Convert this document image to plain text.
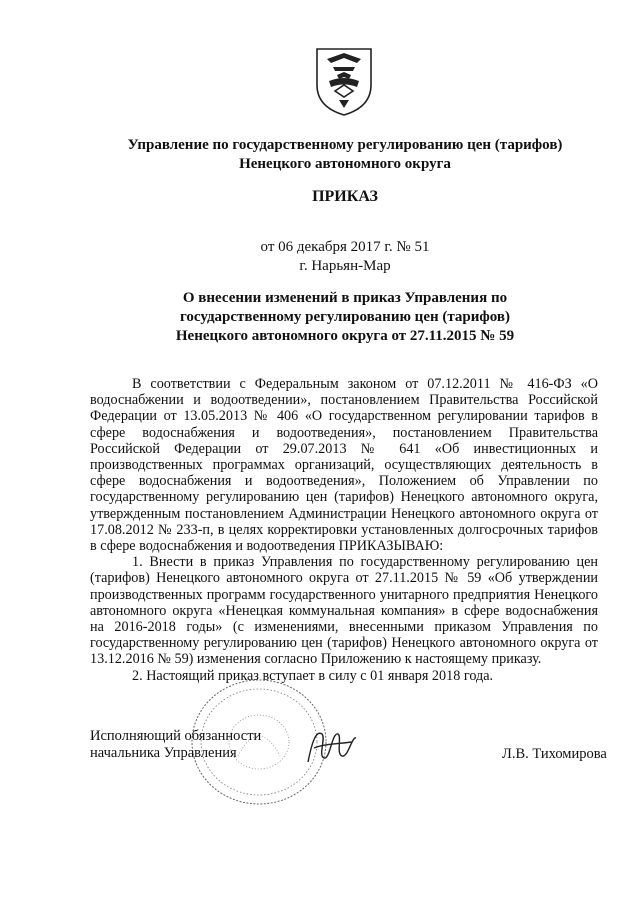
Управление по государственному регулированию цен (тарифов)
Ненецкого автономного округа
ПРИКАЗ
от 06 декабря 2017 г. № 51
г. Нарьян-Мар
О внесении изменений в приказ Управления по
государственному регулированию цен (тарифов)
Ненецкого автономного округа от 27.11.2015 № 59

В соответствии с Федеральным законом от 07.12.2011 № 416-ФЗ «О водоснабжении и водоотведении», постановлением Правительства Российской Федерации от 13.05.2013 № 406 «О государственном регулировании тарифов в сфере водоснабжения и водоотведения», постановлением Правительства Российской Федерации от 29.07.2013 № 641 «Об инвестиционных и производственных программах организаций, осуществляющих деятельность в сфере водоснабжения и водоотведения», Положением об Управлении по государственному регулированию цен (тарифов) Ненецкого автономного округа, утвержденным постановлением Администрации Ненецкого автономного округа от 17.08.2012 № 233-п, в целях корректировки установленных долгосрочных тарифов в сфере водоснабжения и водоотведения ПРИКАЗЫВАЮ:

1. Внести в приказ Управления по государственному регулированию цен (тарифов) Ненецкого автономного округа от 27.11.2015 № 59 «Об утверждении производственных программ государственного унитарного предприятия Ненецкого автономного округа «Ненецкая коммунальная компания» в сфере водоснабжения на 2016-2018 годы» (с изменениями, внесенными приказом Управления по государственному регулированию цен (тарифов) Ненецкого автономного округа от 13.12.2016 № 59) изменения согласно Приложению к настоящему приказу.

2. Настоящий приказ вступает в силу с 01 января 2018 года.

Исполняющий обязанности
начальника Управления	Л.В. Тихомирова
